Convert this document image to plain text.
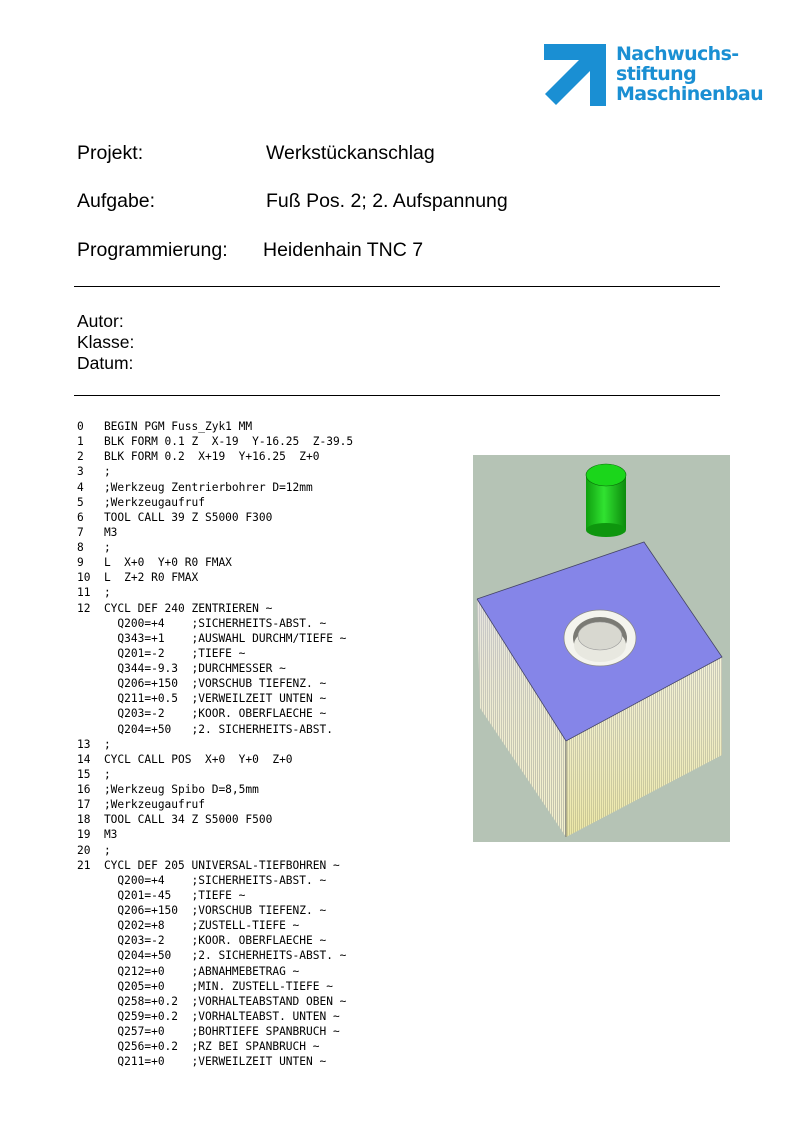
Nachwuchs-
stiftung
Maschinenbau
Projekt:	Werkstückanschlag
Aufgabe:	Fuß Pos. 2; 2. Aufspannung
Programmierung: Heidenhain TNC 7
Autor:
Klasse:
Datum:
0   BEGIN PGM Fuss_Zyk1 MM
1   BLK FORM 0.1 Z  X-19  Y-16.25  Z-39.5
2   BLK FORM 0.2  X+19  Y+16.25  Z+0
3   ;
4   ;Werkzeug Zentrierbohrer D=12mm
5   ;Werkzeugaufruf
6   TOOL CALL 39 Z S5000 F300
7   M3
8   ;
9   L  X+0  Y+0 R0 FMAX
10  L  Z+2 R0 FMAX
11  ;
12  CYCL DEF 240 ZENTRIEREN ~
Q200=+4    ;SICHERHEITS-ABST. ~
Q343=+1    ;AUSWAHL DURCHM/TIEFE ~
Q201=-2    ;TIEFE ~
Q344=-9.3  ;DURCHMESSER ~
Q206=+150  ;VORSCHUB TIEFENZ. ~
Q211=+0.5  ;VERWEILZEIT UNTEN ~
Q203=-2    ;KOOR. OBERFLAECHE ~
Q204=+50   ;2. SICHERHEITS-ABST.
13  ;
14  CYCL CALL POS  X+0  Y+0  Z+0
15  ;
16  ;Werkzeug Spibo D=8,5mm
17  ;Werkzeugaufruf
18  TOOL CALL 34 Z S5000 F500
19  M3
20  ;
21  CYCL DEF 205 UNIVERSAL-TIEFBOHREN ~
Q200=+4    ;SICHERHEITS-ABST. ~
Q201=-45   ;TIEFE ~
Q206=+150  ;VORSCHUB TIEFENZ. ~
Q202=+8    ;ZUSTELL-TIEFE ~
Q203=-2    ;KOOR. OBERFLAECHE ~
Q204=+50   ;2. SICHERHEITS-ABST. ~
Q212=+0    ;ABNAHMEBETRAG ~
Q205=+0    ;MIN. ZUSTELL-TIEFE ~
Q258=+0.2  ;VORHALTEABSTAND OBEN ~
Q259=+0.2  ;VORHALTEABST. UNTEN ~
Q257=+0    ;BOHRTIEFE SPANBRUCH ~
Q256=+0.2  ;RZ BEI SPANBRUCH ~
Q211=+0    ;VERWEILZEIT UNTEN ~
